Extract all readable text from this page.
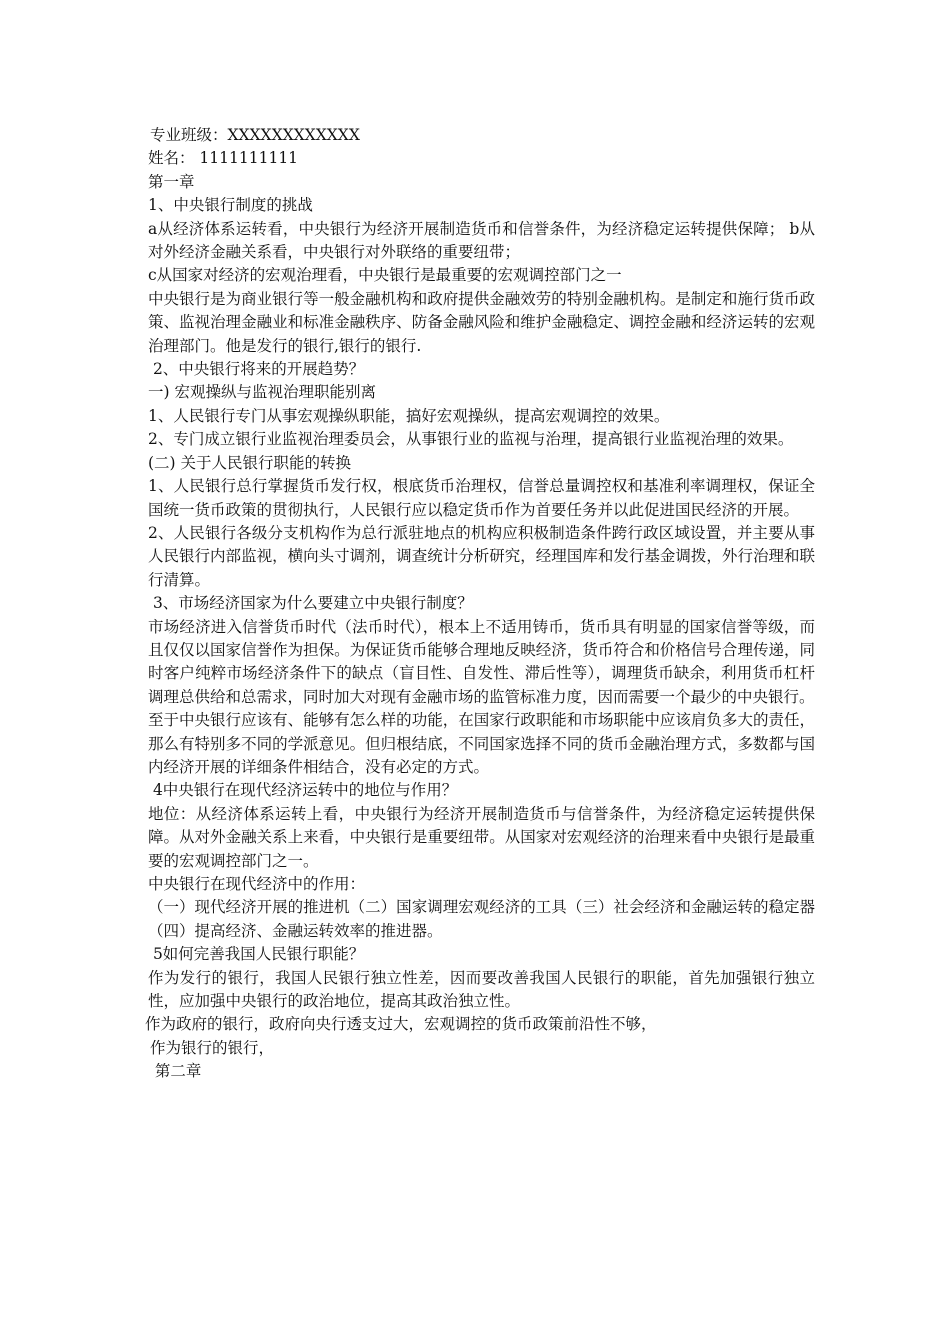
专业班级：XXXXXXXXXXXX

姓名： 1111111111

第一章

1、中央银行制度的挑战

a从经济体系运转看，中央银行为经济开展制造货币和信誉条件，为经济稳定运转提供保障； b从对外经济金融关系看，中央银行对外联络的重要纽带；

c从国家对经济的宏观治理看，中央银行是最重要的宏观调控部门之一

中央银行是为商业银行等一般金融机构和政府提供金融效劳的特别金融机构。是制定和施行货币政策、监视治理金融业和标准金融秩序、防备金融风险和维护金融稳定、调控金融和经济运转的宏观治理部门。他是发行的银行,银行的银行.

2、中央银行将来的开展趋势？

一) 宏观操纵与监视治理职能别离

1、人民银行专门从事宏观操纵职能，搞好宏观操纵，提高宏观调控的效果。

2、专门成立银行业监视治理委员会，从事银行业的监视与治理，提高银行业监视治理的效果。

(二) 关于人民银行职能的转换

1、人民银行总行掌握货币发行权，根底货币治理权，信誉总量调控权和基准利率调理权，保证全国统一货币政策的贯彻执行，人民银行应以稳定货币作为首要任务并以此促进国民经济的开展。

2、人民银行各级分支机构作为总行派驻地点的机构应积极制造条件跨行政区域设置，并主要从事人民银行内部监视，横向头寸调剂，调查统计分析研究，经理国库和发行基金调拨，外行治理和联行清算。

3、市场经济国家为什么要建立中央银行制度？

市场经济进入信誉货币时代（法币时代），根本上不适用铸币，货币具有明显的国家信誉等级，而且仅仅以国家信誉作为担保。为保证货币能够合理地反映经济，货币符合和价格信号合理传递，同时客户纯粹市场经济条件下的缺点（盲目性、自发性、滞后性等），调理货币缺余，利用货币杠杆调理总供给和总需求，同时加大对现有金融市场的监管标准力度，因而需要一个最少的中央银行。

至于中央银行应该有、能够有怎么样的功能，在国家行政职能和市场职能中应该肩负多大的责任，那么有特别多不同的学派意见。但归根结底，不同国家选择不同的货币金融治理方式，多数都与国内经济开展的详细条件相结合，没有必定的方式。

4中央银行在现代经济运转中的地位与作用？

地位：从经济体系运转上看，中央银行为经济开展制造货币与信誉条件，为经济稳定运转提供保障。从对外金融关系上来看，中央银行是重要纽带。从国家对宏观经济的治理来看中央银行是最重要的宏观调控部门之一。

中央银行在现代经济中的作用：

（一）现代经济开展的推进机（二）国家调理宏观经济的工具（三）社会经济和金融运转的稳定器（四）提高经济、金融运转效率的推进器。

5如何完善我国人民银行职能？

作为发行的银行，我国人民银行独立性差，因而要改善我国人民银行的职能，首先加强银行独立性，应加强中央银行的政治地位，提高其政治独立性。

作为政府的银行，政府向央行透支过大，宏观调控的货币政策前沿性不够，

作为银行的银行，

第二章
